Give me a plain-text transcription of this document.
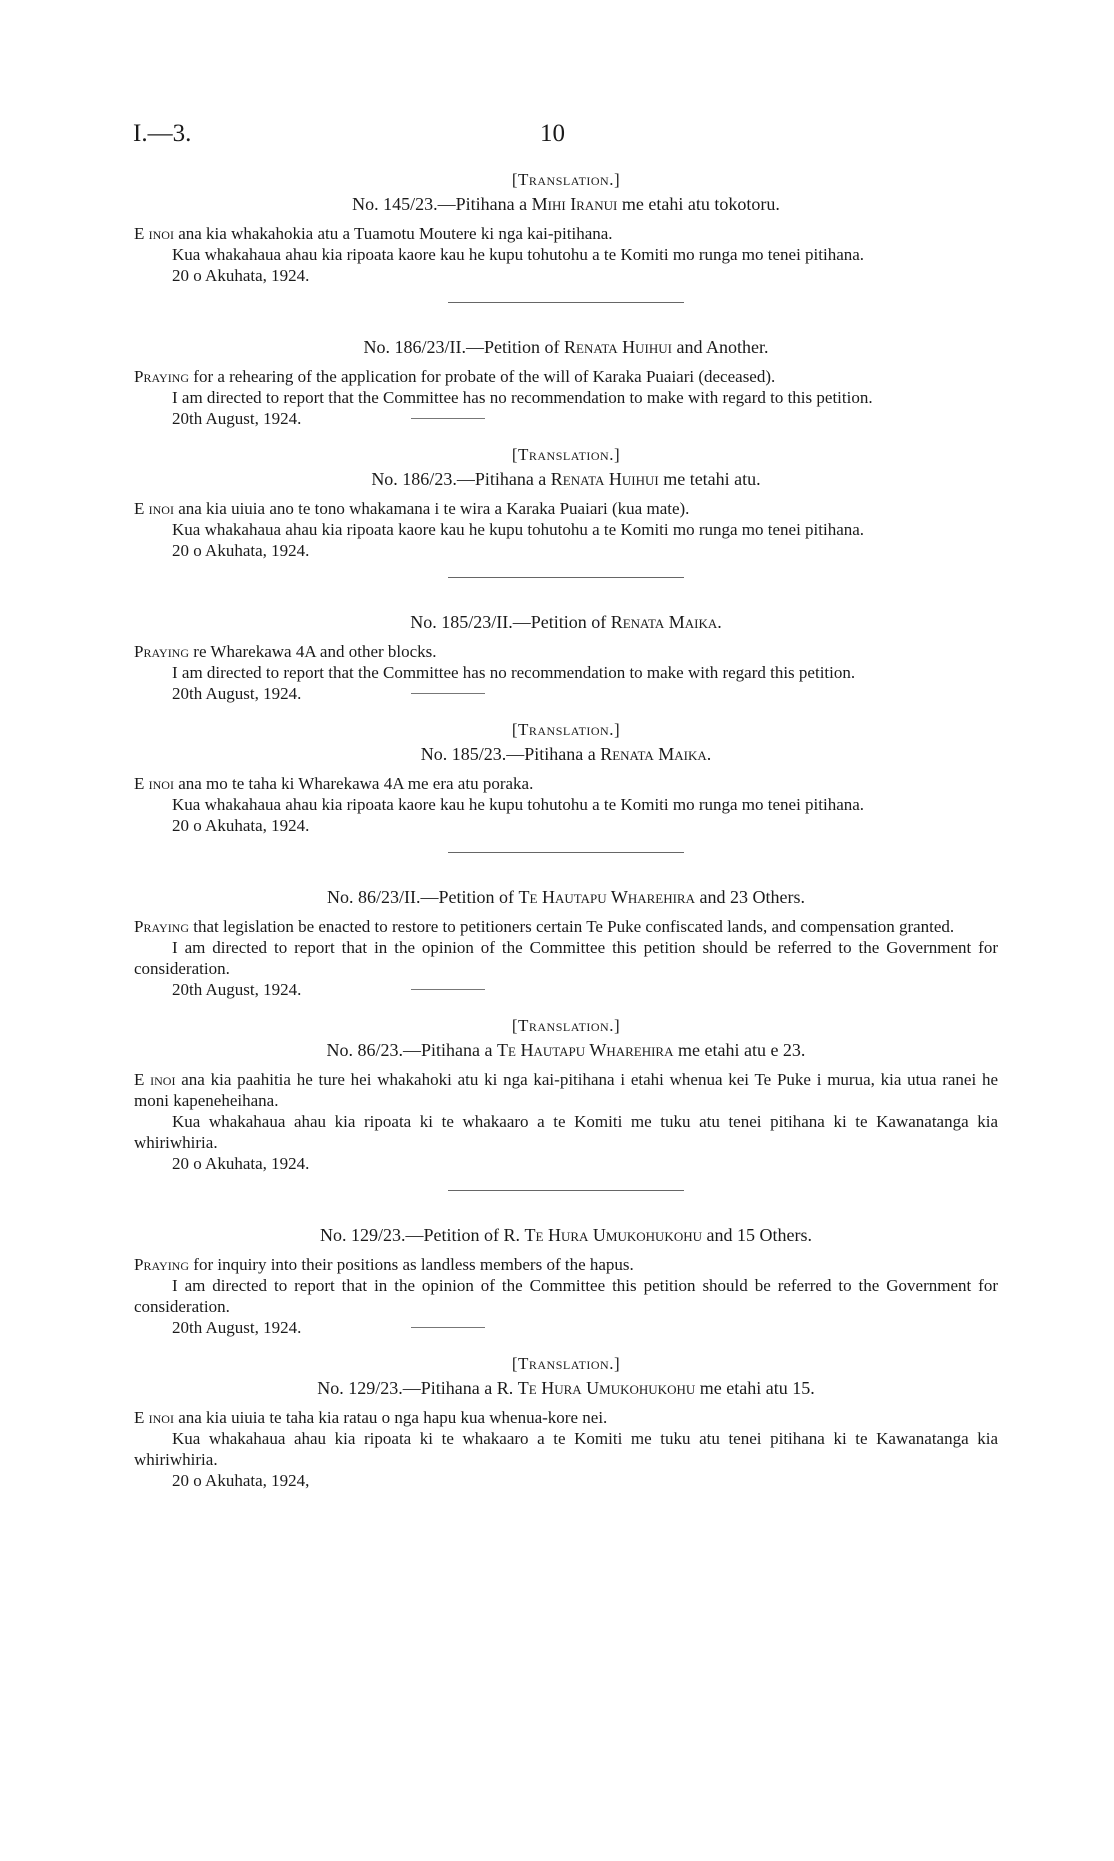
I.—3.	10
[Translation.]
No. 145/23.—Pitihana a Mihi Iranui me etahi atu tokotoru.

E inoi ana kia whakahokia atu a Tuamotu Moutere ki nga kai-pitihana.

Kua whakahaua ahau kia ripoata kaore kau he kupu tohutohu a te Komiti mo runga mo tenei pitihana.

20 o Akuhata, 1924.
No. 186/23/II.—Petition of Renata Huihui and Another.

Praying for a rehearing of the application for probate of the will of Karaka Puaiari (deceased).

I am directed to report that the Committee has no recommendation to make with regard to this petition.

20th August, 1924.
[Translation.]
No. 186/23.—Pitihana a Renata Huihui me tetahi atu.

E inoi ana kia uiuia ano te tono whakamana i te wira a Karaka Puaiari (kua mate).

Kua whakahaua ahau kia ripoata kaore kau he kupu tohutohu a te Komiti mo runga mo tenei pitihana.

20 o Akuhata, 1924.
No. 185/23/II.—Petition of Renata Maika.

Praying re Wharekawa 4A and other blocks.

I am directed to report that the Committee has no recommendation to make with regard this petition.

20th August, 1924.
[Translation.]
No. 185/23.—Pitihana a Renata Maika.

E inoi ana mo te taha ki Wharekawa 4A me era atu poraka.

Kua whakahaua ahau kia ripoata kaore kau he kupu tohutohu a te Komiti mo runga mo tenei pitihana.

20 o Akuhata, 1924.
No. 86/23/II.—Petition of Te Hautapu Wharehira and 23 Others.

Praying that legislation be enacted to restore to petitioners certain Te Puke confiscated lands, and compensation granted.

I am directed to report that in the opinion of the Committee this petition should be referred to the Government for consideration.

20th August, 1924.
[Translation.]
No. 86/23.—Pitihana a Te Hautapu Wharehira me etahi atu e 23.

E inoi ana kia paahitia he ture hei whakahoki atu ki nga kai-pitihana i etahi whenua kei Te Puke i murua, kia utua ranei he moni kapeneheihana.

Kua whakahaua ahau kia ripoata ki te whakaaro a te Komiti me tuku atu tenei pitihana ki te Kawanatanga kia whiriwhiria.

20 o Akuhata, 1924.
No. 129/23.—Petition of R. Te Hura Umukohukohu and 15 Others.

Praying for inquiry into their positions as landless members of the hapus.

I am directed to report that in the opinion of the Committee this petition should be referred to the Government for consideration.

20th August, 1924.
[Translation.]
No. 129/23.—Pitihana a R. Te Hura Umukohukohu me etahi atu 15.

E inoi ana kia uiuia te taha kia ratau o nga hapu kua whenua-kore nei.

Kua whakahaua ahau kia ripoata ki te whakaaro a te Komiti me tuku atu tenei pitihana ki te Kawanatanga kia whiriwhiria.

20 o Akuhata, 1924,
